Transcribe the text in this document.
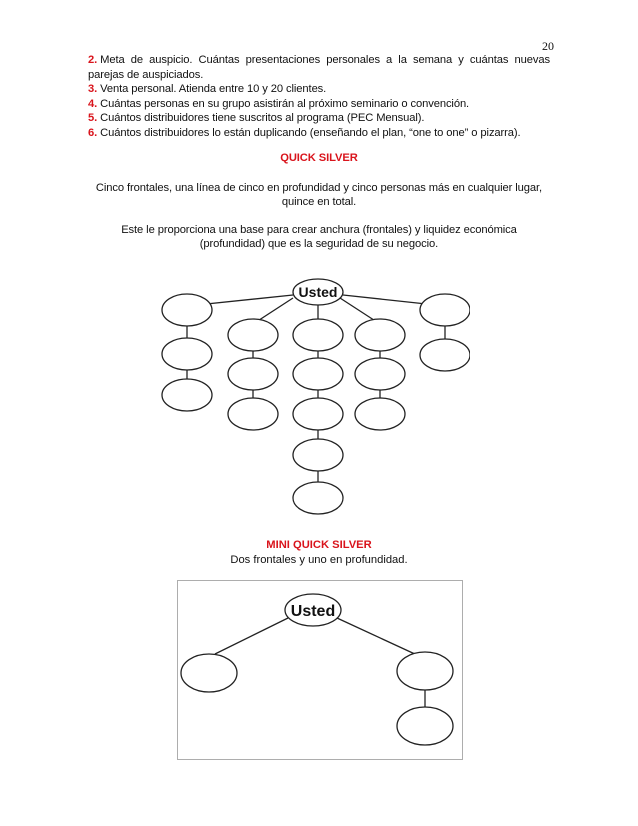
20

2. Meta de auspicio. Cuántas presentaciones personales a la semana y cuántas nuevas parejas de auspiciados.

3. Venta personal. Atienda entre 10 y 20 clientes.

4. Cuántas personas en su grupo asistirán al próximo seminario o convención.

5. Cuántos distribuidores tiene suscritos al programa (PEC Mensual).

6. Cuántos distribuidores lo están duplicando (enseñando el plan, “one to one” o pizarra).

QUICK SILVER

Cinco frontales, una línea de cinco en profundidad y cinco personas más en cualquier lugar, quince en total.

Este le proporciona una base para crear anchura (frontales) y liquidez económica (profundidad) que es la seguridad de su negocio.

Usted
MINI QUICK SILVER
Dos frontales y uno en profundidad.
Usted
